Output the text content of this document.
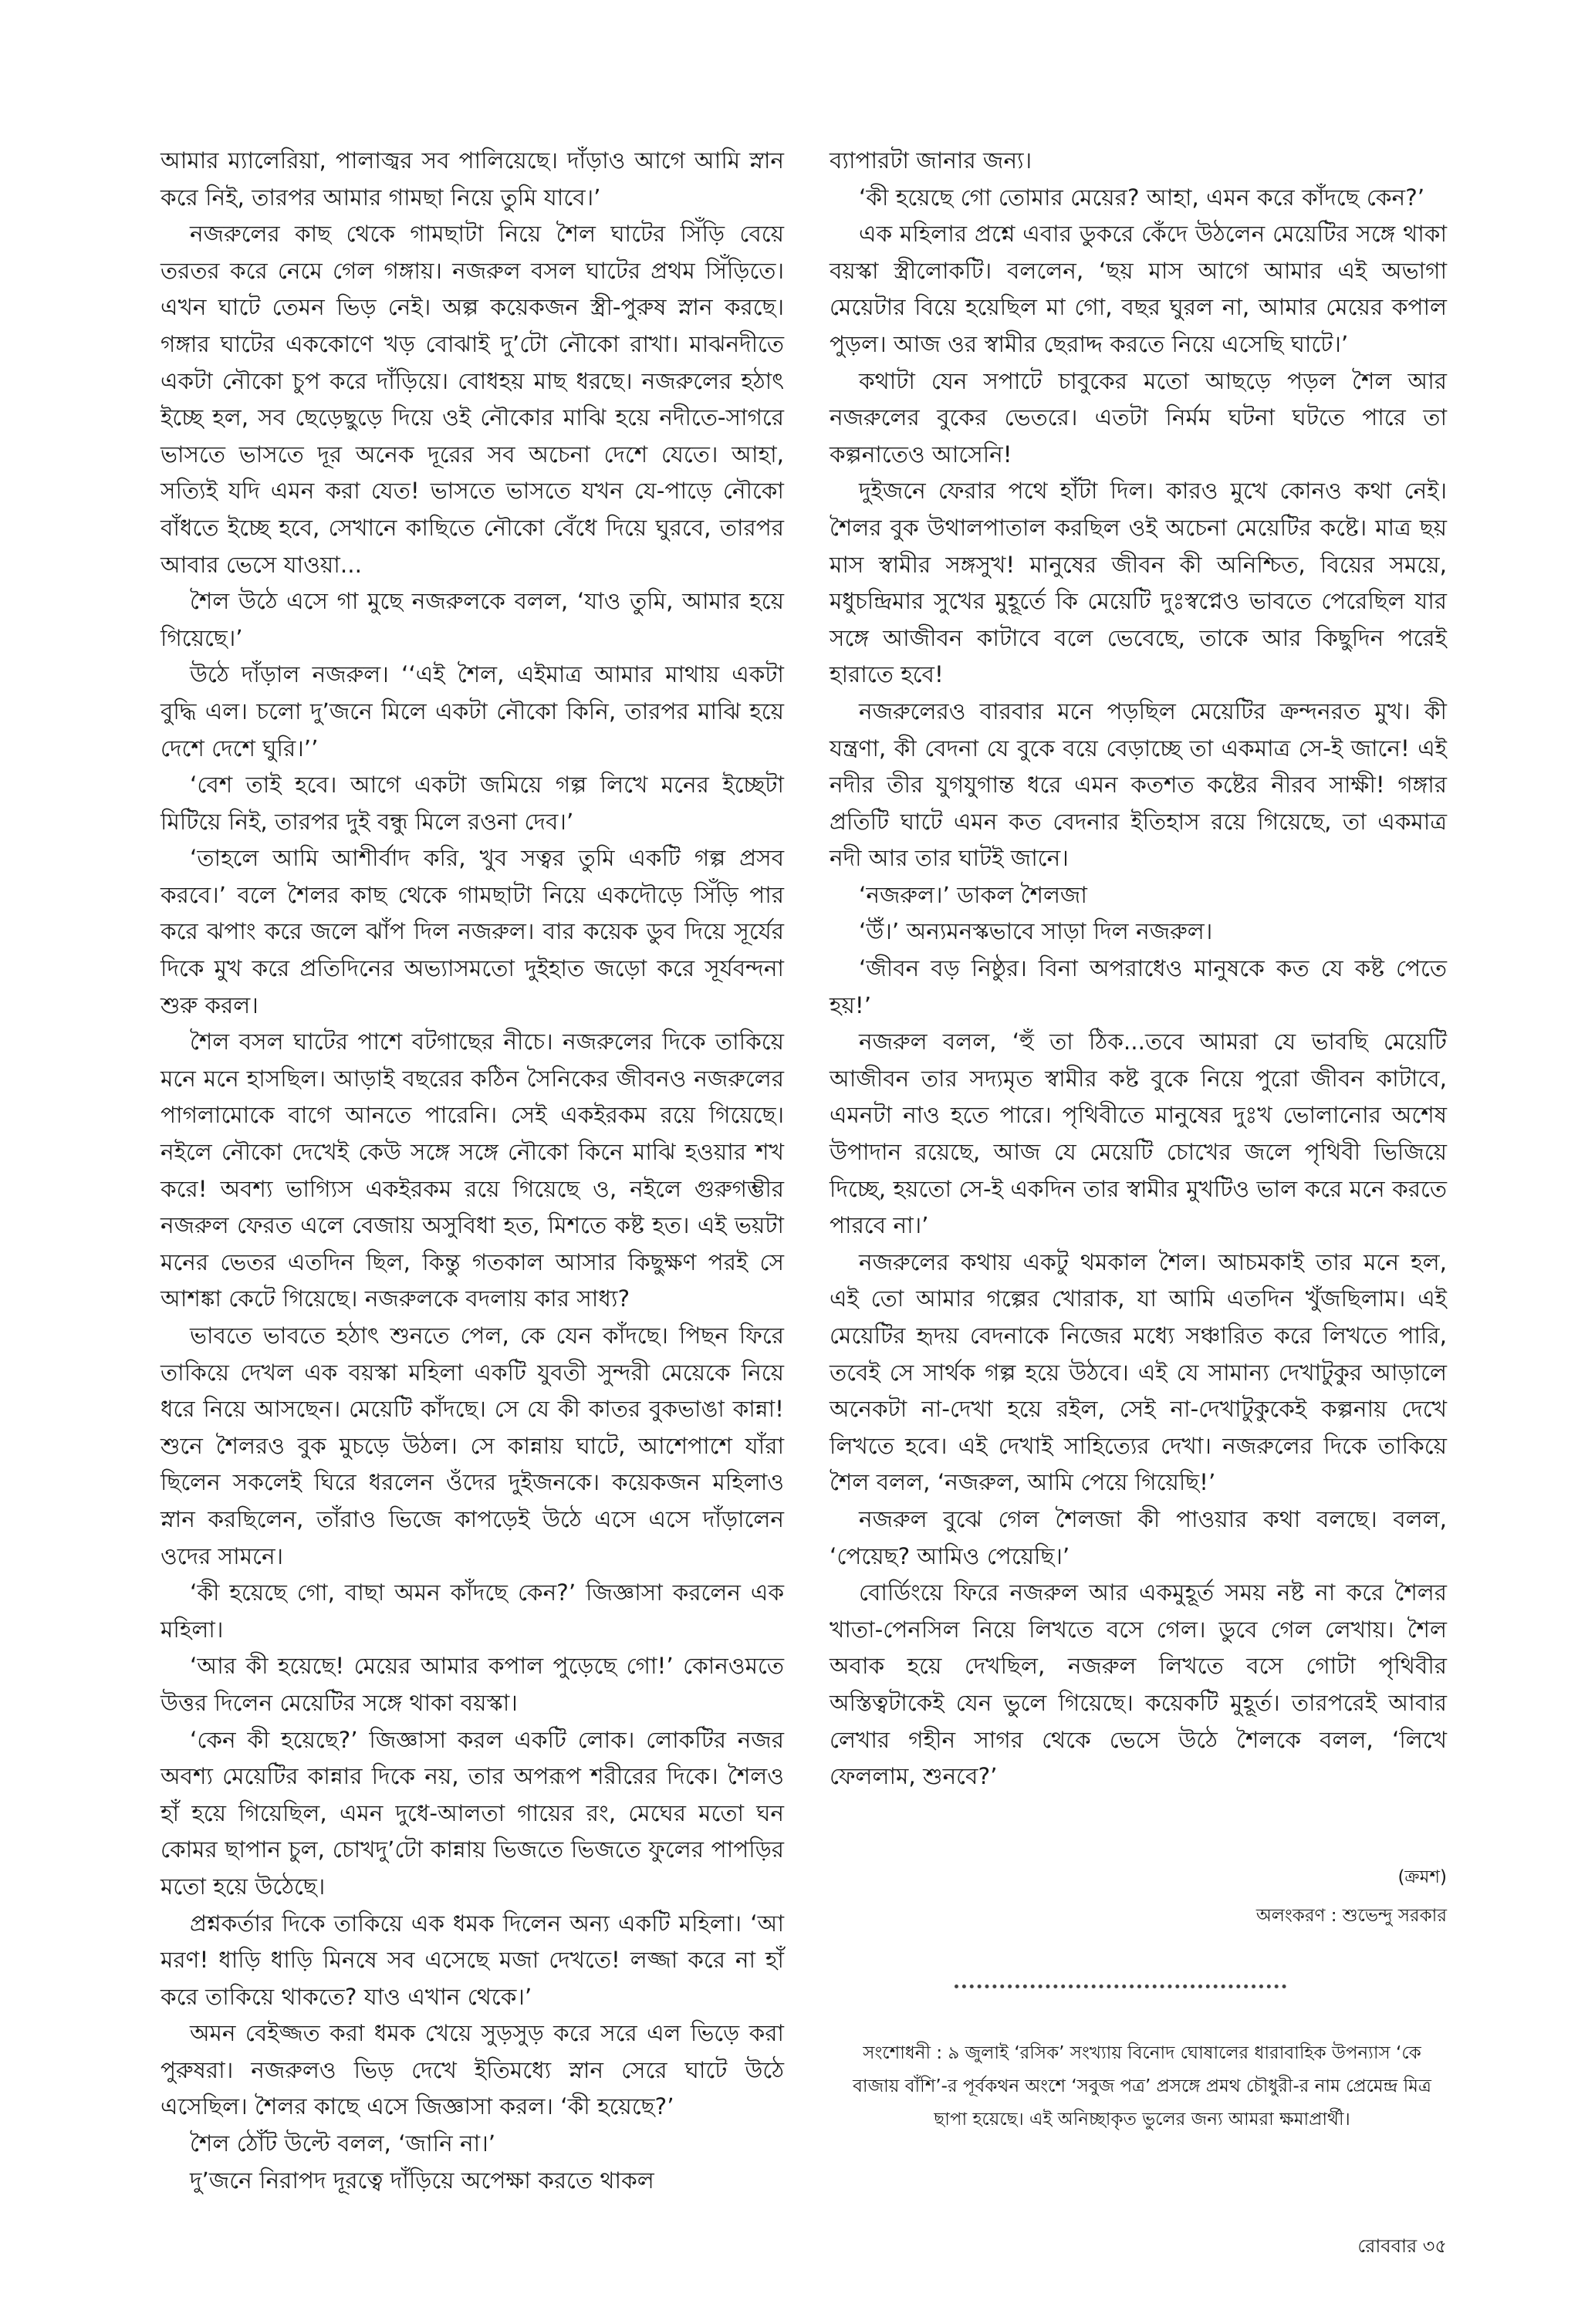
আমার ম্যালেরিয়া, পালাজ্বর সব পালিয়েছে। দাঁড়াও আগে আমি স্নান করে নিই, তারপর আমার গামছা নিয়ে তুমি যাবে।’

নজরুলের কাছ থেকে গামছাটা নিয়ে শৈল ঘাটের সিঁড়ি বেয়ে তরতর করে নেমে গেল গঙ্গায়। নজরুল বসল ঘাটের প্রথম সিঁড়িতে। এখন ঘাটে তেমন ভিড় নেই। অল্প কয়েকজন স্ত্রী-পুরুষ স্নান করছে। গঙ্গার ঘাটের এককোণে খড় বোঝাই দু’টো নৌকো রাখা। মাঝনদীতে একটা নৌকো চুপ করে দাঁড়িয়ে। বোধহয় মাছ ধরছে। নজরুলের হঠাৎ ইচ্ছে হল, সব ছেড়েছুড়ে দিয়ে ওই নৌকোর মাঝি হয়ে নদীতে-সাগরে ভাসতে ভাসতে দূর অনেক দূরের সব অচেনা দেশে যেতে। আহা, সত্যিই যদি এমন করা যেত! ভাসতে ভাসতে যখন যে-পাড়ে নৌকো বাঁধতে ইচ্ছে হবে, সেখানে কাছিতে নৌকো বেঁধে দিয়ে ঘুরবে, তারপর আবার ভেসে যাওয়া...

শৈল উঠে এসে গা মুছে নজরুলকে বলল, ‘যাও তুমি, আমার হয়ে গিয়েছে।’

উঠে দাঁড়াল নজরুল। ‘‘এই শৈল, এইমাত্র আমার মাথায় একটা বুদ্ধি এল। চলো দু’জনে মিলে একটা নৌকো কিনি, তারপর মাঝি হয়ে দেশে দেশে ঘুরি।’’

‘বেশ তাই হবে। আগে একটা জমিয়ে গল্প লিখে মনের ইচ্ছেটা মিটিয়ে নিই, তারপর দুই বন্ধু মিলে রওনা দেব।’

‘তাহলে আমি আশীর্বাদ করি, খুব সত্বর তুমি একটি গল্প প্রসব করবে।’ বলে শৈলর কাছ থেকে গামছাটা নিয়ে একদৌড়ে সিঁড়ি পার করে ঝপাং করে জলে ঝাঁপ দিল নজরুল। বার কয়েক ডুব দিয়ে সূর্যের দিকে মুখ করে প্রতিদিনের অভ্যাসমতো দুইহাত জড়ো করে সূর্যবন্দনা শুরু করল।

শৈল বসল ঘাটের পাশে বটগাছের নীচে। নজরুলের দিকে তাকিয়ে মনে মনে হাসছিল। আড়াই বছরের কঠিন সৈনিকের জীবনও নজরুলের পাগলামোকে বাগে আনতে পারেনি। সেই একইরকম রয়ে গিয়েছে। নইলে নৌকো দেখেই কেউ সঙ্গে সঙ্গে নৌকো কিনে মাঝি হওয়ার শখ করে! অবশ্য ভাগ্যিস একইরকম রয়ে গিয়েছে ও, নইলে গুরুগম্ভীর নজরুল ফেরত এলে বেজায় অসুবিধা হত, মিশতে কষ্ট হত। এই ভয়টা মনের ভেতর এতদিন ছিল, কিন্তু গতকাল আসার কিছুক্ষণ পরই সে আশঙ্কা কেটে গিয়েছে। নজরুলকে বদলায় কার সাধ্য?

ভাবতে ভাবতে হঠাৎ শুনতে পেল, কে যেন কাঁদছে। পিছন ফিরে তাকিয়ে দেখল এক বয়স্কা মহিলা একটি যুবতী সুন্দরী মেয়েকে নিয়ে ধরে নিয়ে আসছেন। মেয়েটি কাঁদছে। সে যে কী কাতর বুকভাঙা কান্না! শুনে শৈলরও বুক মুচড়ে উঠল। সে কান্নায় ঘাটে, আশেপাশে যাঁরা ছিলেন সকলেই ঘিরে ধরলেন ওঁদের দুইজনকে। কয়েকজন মহিলাও স্নান করছিলেন, তাঁরাও ভিজে কাপড়েই উঠে এসে এসে দাঁড়ালেন ওদের সামনে।

‘কী হয়েছে গো, বাছা অমন কাঁদছে কেন?’ জিজ্ঞাসা করলেন এক মহিলা।

‘আর কী হয়েছে! মেয়ের আমার কপাল পুড়েছে গো!’ কোনওমতে উত্তর দিলেন মেয়েটির সঙ্গে থাকা বয়স্কা।

‘কেন কী হয়েছে?’ জিজ্ঞাসা করল একটি লোক। লোকটির নজর অবশ্য মেয়েটির কান্নার দিকে নয়, তার অপরূপ শরীরের দিকে। শৈলও হাঁ হয়ে গিয়েছিল, এমন দুধে-আলতা গায়ের রং, মেঘের মতো ঘন কোমর ছাপান চুল, চোখদু’টো কান্নায় ভিজতে ভিজতে ফুলের পাপড়ির মতো হয়ে উঠেছে।

প্রশ্নকর্তার দিকে তাকিয়ে এক ধমক দিলেন অন্য একটি মহিলা। ‘আ মরণ! ধাড়ি ধাড়ি মিনষে সব এসেছে মজা দেখতে! লজ্জা করে না হাঁ করে তাকিয়ে থাকতে? যাও এখান থেকে।’

অমন বেইজ্জত করা ধমক খেয়ে সুড়সুড় করে সরে এল ভিড়ে করা পুরুষরা। নজরুলও ভিড় দেখে ইতিমধ্যে স্নান সেরে ঘাটে উঠে এসেছিল। শৈলর কাছে এসে জিজ্ঞাসা করল। ‘কী হয়েছে?’

শৈল ঠোঁট উল্টে বলল, ‘জানি না।’

দু’জনে নিরাপদ দূরত্বে দাঁড়িয়ে অপেক্ষা করতে থাকল

ব্যাপারটা জানার জন্য।

‘কী হয়েছে গো তোমার মেয়ের? আহা, এমন করে কাঁদছে কেন?’

এক মহিলার প্রশ্নে এবার ডুকরে কেঁদে উঠলেন মেয়েটির সঙ্গে থাকা বয়স্কা স্ত্রীলোকটি। বললেন, ‘ছয় মাস আগে আমার এই অভাগা মেয়েটার বিয়ে হয়েছিল মা গো, বছর ঘুরল না, আমার মেয়ের কপাল পুড়ল। আজ ওর স্বামীর ছেরাদ্দ করতে নিয়ে এসেছি ঘাটে।’

কথাটা যেন সপাটে চাবুকের মতো আছড়ে পড়ল শৈল আর নজরুলের বুকের ভেতরে। এতটা নির্মম ঘটনা ঘটতে পারে তা কল্পনাতেও আসেনি!

দুইজনে ফেরার পথে হাঁটা দিল। কারও মুখে কোনও কথা নেই। শৈলর বুক উথালপাতাল করছিল ওই অচেনা মেয়েটির কষ্টে। মাত্র ছয় মাস স্বামীর সঙ্গসুখ! মানুষের জীবন কী অনিশ্চিত, বিয়ের সময়ে, মধুচন্দ্রিমার সুখের মুহূর্তে কি মেয়েটি দুঃস্বপ্নেও ভাবতে পেরেছিল যার সঙ্গে আজীবন কাটাবে বলে ভেবেছে, তাকে আর কিছুদিন পরেই হারাতে হবে!

নজরুলেরও বারবার মনে পড়ছিল মেয়েটির ক্রন্দনরত মুখ। কী যন্ত্রণা, কী বেদনা যে বুকে বয়ে বেড়াচ্ছে তা একমাত্র সে-ই জানে! এই নদীর তীর যুগযুগান্ত ধরে এমন কতশত কষ্টের নীরব সাক্ষী! গঙ্গার প্রতিটি ঘাটে এমন কত বেদনার ইতিহাস রয়ে গিয়েছে, তা একমাত্র নদী আর তার ঘাটই জানে।

‘নজরুল।’ ডাকল শৈলজা

‘উঁ।’ অন্যমনস্কভাবে সাড়া দিল নজরুল।

‘জীবন বড় নিষ্ঠুর। বিনা অপরাধেও মানুষকে কত যে কষ্ট পেতে হয়!’

নজরুল বলল, ‘হুঁ তা ঠিক...তবে আমরা যে ভাবছি মেয়েটি আজীবন তার সদ্যমৃত স্বামীর কষ্ট বুকে নিয়ে পুরো জীবন কাটাবে, এমনটা নাও হতে পারে। পৃথিবীতে মানুষের দুঃখ ভোলানোর অশেষ উপাদান রয়েছে, আজ যে মেয়েটি চোখের জলে পৃথিবী ভিজিয়ে দিচ্ছে, হয়তো সে-ই একদিন তার স্বামীর মুখটিও ভাল করে মনে করতে পারবে না।’

নজরুলের কথায় একটু থমকাল শৈল। আচমকাই তার মনে হল, এই তো আমার গল্পের খোরাক, যা আমি এতদিন খুঁজছিলাম। এই মেয়েটির হৃদয় বেদনাকে নিজের মধ্যে সঞ্চারিত করে লিখতে পারি, তবেই সে সার্থক গল্প হয়ে উঠবে। এই যে সামান্য দেখাটুকুর আড়ালে অনেকটা না-দেখা হয়ে রইল, সেই না-দেখাটুকুকেই কল্পনায় দেখে লিখতে হবে। এই দেখাই সাহিত্যের দেখা। নজরুলের দিকে তাকিয়ে শৈল বলল, ‘নজরুল, আমি পেয়ে গিয়েছি!’

নজরুল বুঝে গেল শৈলজা কী পাওয়ার কথা বলছে। বলল, ‘পেয়েছ? আমিও পেয়েছি।’

বোর্ডিংয়ে ফিরে নজরুল আর একমুহূর্ত সময় নষ্ট না করে শৈলর খাতা-পেনসিল নিয়ে লিখতে বসে গেল। ডুবে গেল লেখায়। শৈল অবাক হয়ে দেখছিল, নজরুল লিখতে বসে গোটা পৃথিবীর অস্তিত্বটাকেই যেন ভুলে গিয়েছে। কয়েকটি মুহূর্ত। তারপরেই আবার লেখার গহীন সাগর থেকে ভেসে উঠে শৈলকে বলল, ‘লিখে ফেললাম, শুনবে?’

(ক্রমশ)
অলংকরণ : শুভেন্দু সরকার
সংশোধনী : ৯ জুলাই ‘রসিক’ সংখ্যায় বিনোদ ঘোষালের ধারাবাহিক উপন্যাস ‘কে বাজায় বাঁশি’-র পূর্বকথন অংশে ‘সবুজ পত্র’ প্রসঙ্গে প্রমথ চৌধুরী-র নাম প্রেমেন্দ্র মিত্র ছাপা হয়েছে। এই অনিচ্ছাকৃত ভুলের জন্য আমরা ক্ষমাপ্রার্থী।
রোববার ৩৫
